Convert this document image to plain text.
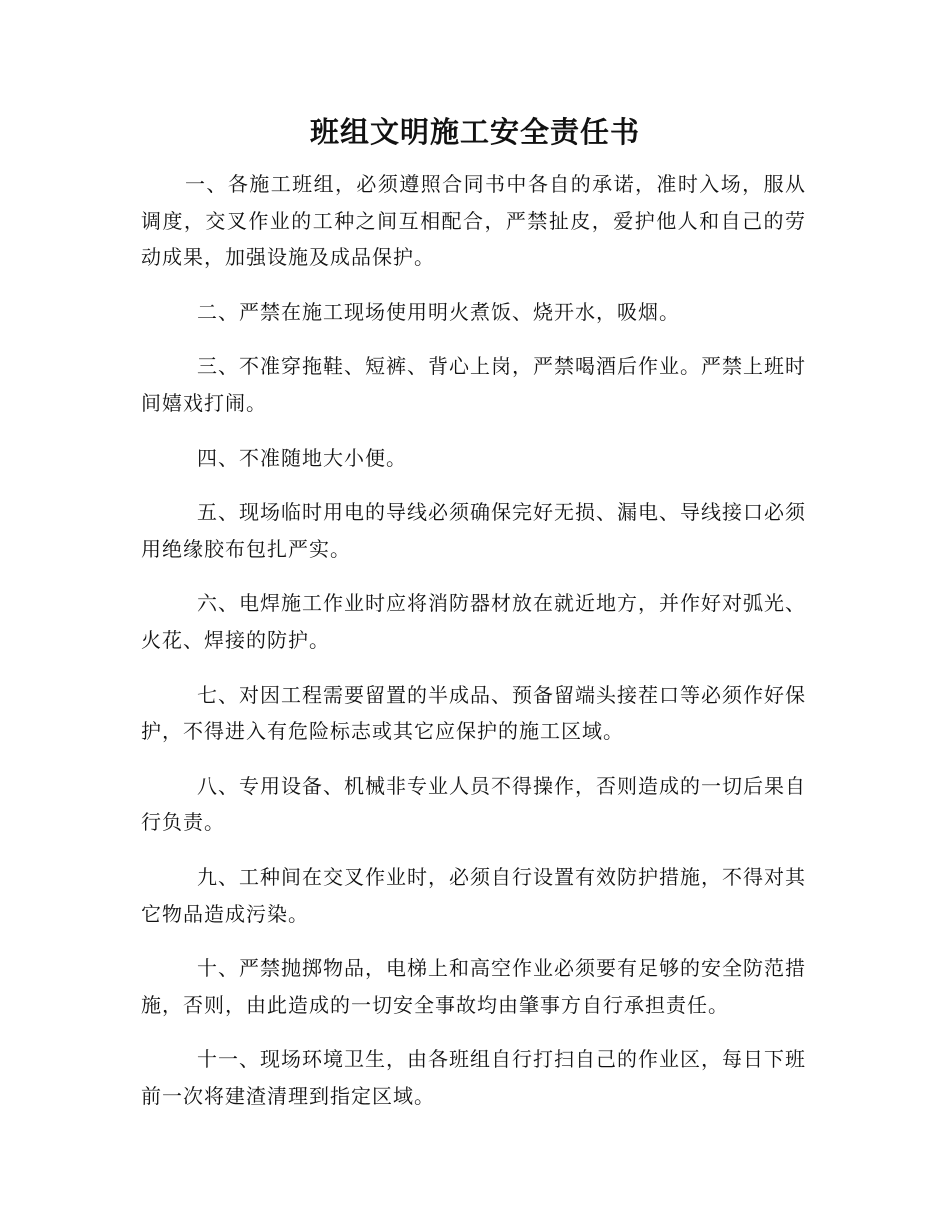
班组文明施工安全责任书

一、各施工班组，必须遵照合同书中各自的承诺，准时入场，服从调度，交叉作业的工种之间互相配合，严禁扯皮，爱护他人和自己的劳动成果，加强设施及成品保护。

二、严禁在施工现场使用明火煮饭、烧开水，吸烟。

三、不准穿拖鞋、短裤、背心上岗，严禁喝酒后作业。严禁上班时间嬉戏打闹。

四、不准随地大小便。

五、现场临时用电的导线必须确保完好无损、漏电、导线接口必须用绝缘胶布包扎严实。

六、电焊施工作业时应将消防器材放在就近地方，并作好对弧光、火花、焊接的防护。

七、对因工程需要留置的半成品、预备留端头接茬口等必须作好保护，不得进入有危险标志或其它应保护的施工区域。

八、专用设备、机械非专业人员不得操作，否则造成的一切后果自行负责。

九、工种间在交叉作业时，必须自行设置有效防护措施，不得对其它物品造成污染。

十、严禁抛掷物品，电梯上和高空作业必须要有足够的安全防范措施，否则，由此造成的一切安全事故均由肇事方自行承担责任。

十一、现场环境卫生，由各班组自行打扫自己的作业区，每日下班前一次将建渣清理到指定区域。
